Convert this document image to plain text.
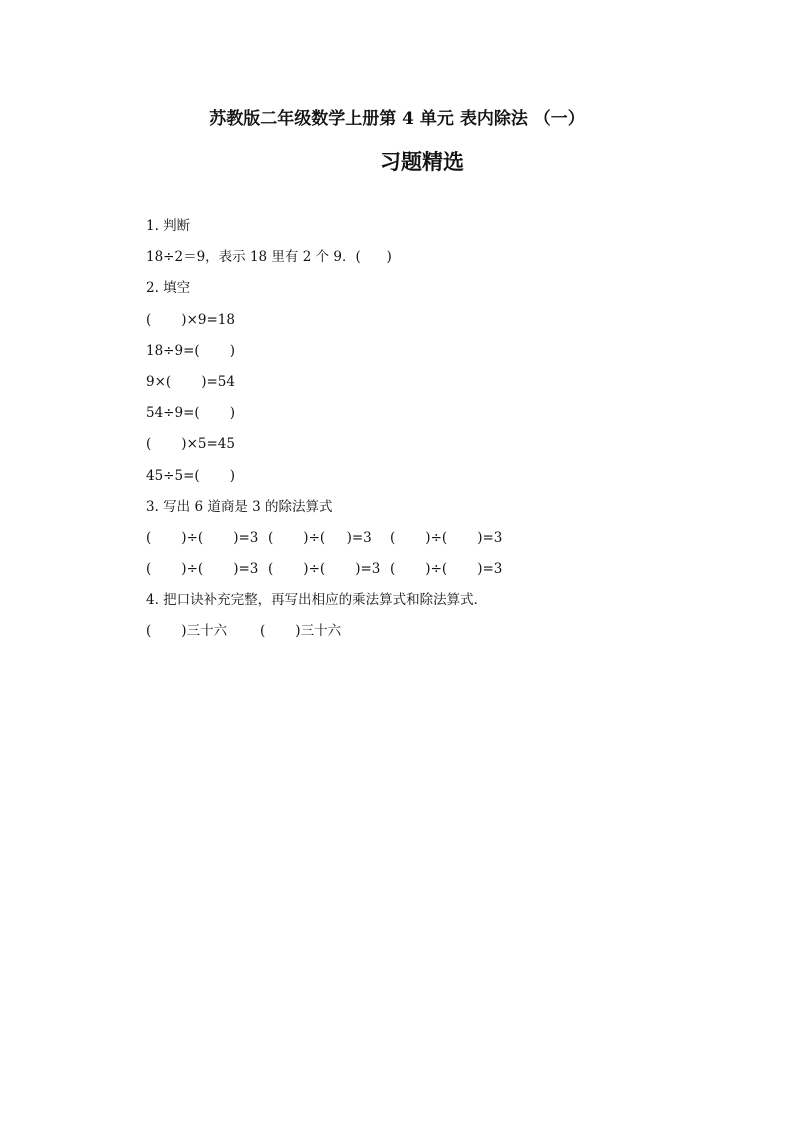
苏教版二年级数学上册第 4 单元 表内除法 （一）
习题精选
1. 判断
18÷2＝9，表示 18 里有 2 个 9．(      )
2. 填空
(       )×9=18
18÷9=(       )
9×(       )=54
54÷9=(       )
(       )×5=45
45÷5=(       )
3. 写出 6 道商是 3 的除法算式
(       )÷(       )=3 (       )÷(     )=3	(       )÷(       )=3
(       )÷(       )=3 (       )÷(       )=3 (       )÷(       )=3
4. 把口诀补充完整，再写出相应的乘法算式和除法算式．
(       )三十六	(       )三十六
